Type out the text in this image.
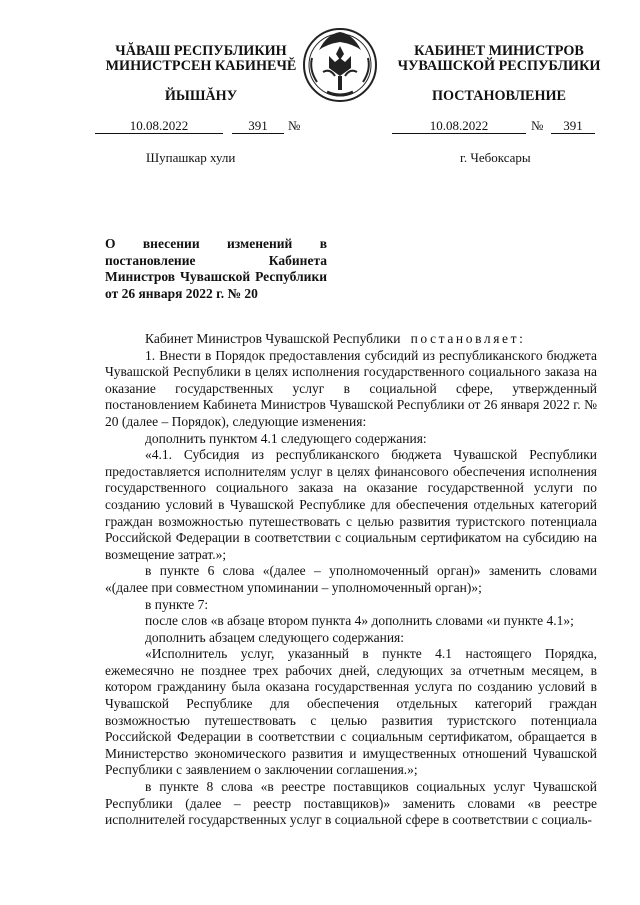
ЧĂВАШ РЕСПУБЛИКИН
МИНИСТРСЕН КАБИНЕЧĔ
ЙЫШĂНУ
КАБИНЕТ МИНИСТРОВ
ЧУВАШСКОЙ РЕСПУБЛИКИ
ПОСТАНОВЛЕНИЕ
10.08.2022	391	№	10.08.2022	№	391
Шупашкар хули	г. Чебоксары
О внесении изменений в постановление Кабинета Министров Чувашской Республики от 26 января 2022 г. № 20

Кабинет Министров Чувашской Республики постановляет:

1. Внести в Порядок предоставления субсидий из республиканского бюджета Чувашской Республики в целях исполнения государственного социального заказа на оказание государственных услуг в социальной сфере, утвержденный постановлением Кабинета Министров Чувашской Республики от 26 января 2022 г. № 20 (далее – Порядок), следующие изменения:

дополнить пунктом 4.1 следующего содержания:

«4.1. Субсидия из республиканского бюджета Чувашской Республики предоставляется исполнителям услуг в целях финансового обеспечения исполнения государственного социального заказа на оказание государственной услуги по созданию условий в Чувашской Республике для обеспечения отдельных категорий граждан возможностью путешествовать с целью развития туристского потенциала Российской Федерации в соответствии с социальным сертификатом на субсидию на возмещение затрат.»;

в пункте 6 слова «(далее – уполномоченный орган)» заменить словами «(далее при совместном упоминании – уполномоченный орган)»;

в пункте 7:

после слов «в абзаце втором пункта 4» дополнить словами «и пункте 4.1»;

дополнить абзацем следующего содержания:

«Исполнитель услуг, указанный в пункте 4.1 настоящего Порядка, ежемесячно не позднее трех рабочих дней, следующих за отчетным месяцем, в котором гражданину была оказана государственная услуга по созданию условий в Чувашской Республике для обеспечения отдельных категорий граждан возможностью путешествовать с целью развития туристского потенциала Российской Федерации в соответствии с социальным сертификатом, обращается в Министерство экономического развития и имущественных отношений Чувашской Республики с заявлением о заключении соглашения.»;

в пункте 8 слова «в реестре поставщиков социальных услуг Чувашской Республики (далее – реестр поставщиков)» заменить словами «в реестре исполнителей государственных услуг в социальной сфере в соответствии с социаль-
